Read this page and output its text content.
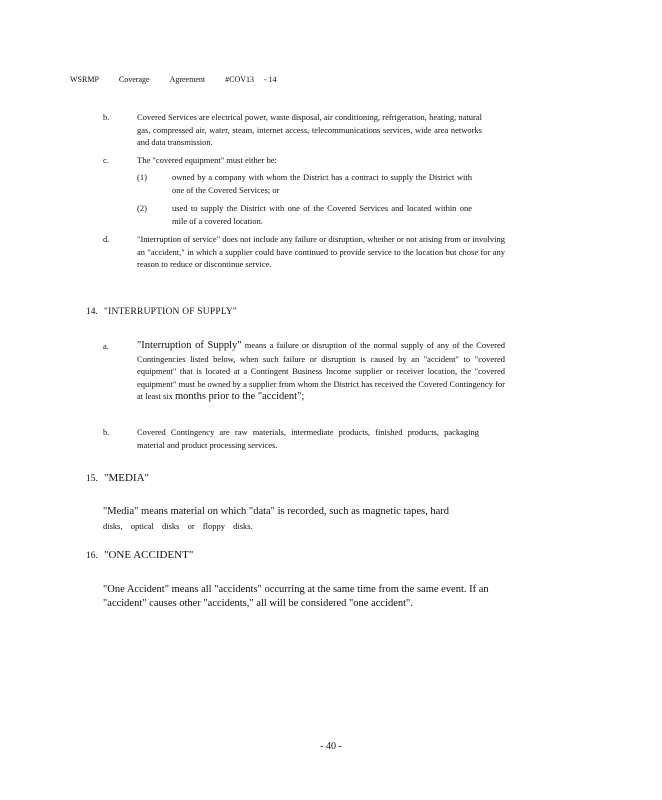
WSRMP	Coverage	Agreement	#COV13 - 14
b.	Covered Services are electrical power, waste disposal, air conditioning, refrigeration, heating, natural gas, compressed air, water, steam, internet access, telecommunications services, wide area networks and data transmission.
c.	The "covered equipment" must either be:
(1)	owned by a company with whom the District has a contract to supply the District with one of the Covered Services; or
(2)	used to supply the District with one of the Covered Services and located within one mile of a covered location.
d.	"Interruption of service" does not include any failure or disruption, whether or not arising from or involving an "accident," in which a supplier could have continued to provide service to the location but chose for any reason to reduce or discontinue service.
14. "INTERRUPTION OF SUPPLY"
a.	"Interruption of Supply" means a failure or disruption of the normal supply of any of the Covered Contingencies listed below, when such failure or disruption is caused by an "accident" to "covered equipment" that is located at a Contingent Business Income supplier or receiver location, the "covered equipment" must be owned by a supplier from whom the District has received the Covered Contingency for at least six months prior to the "accident";
b.	Covered Contingency are raw materials, intermediate products, finished products, packaging material and product processing services.
15. "MEDIA"
"Media" means material on which "data" is recorded, such as magnetic tapes, hard
disks, optical disks or floppy disks.
16. "ONE ACCIDENT"
"One Accident" means all "accidents" occurring at the same time from the same event. If an "accident" causes other "accidents," all will be considered "one accident".
- 40 -
